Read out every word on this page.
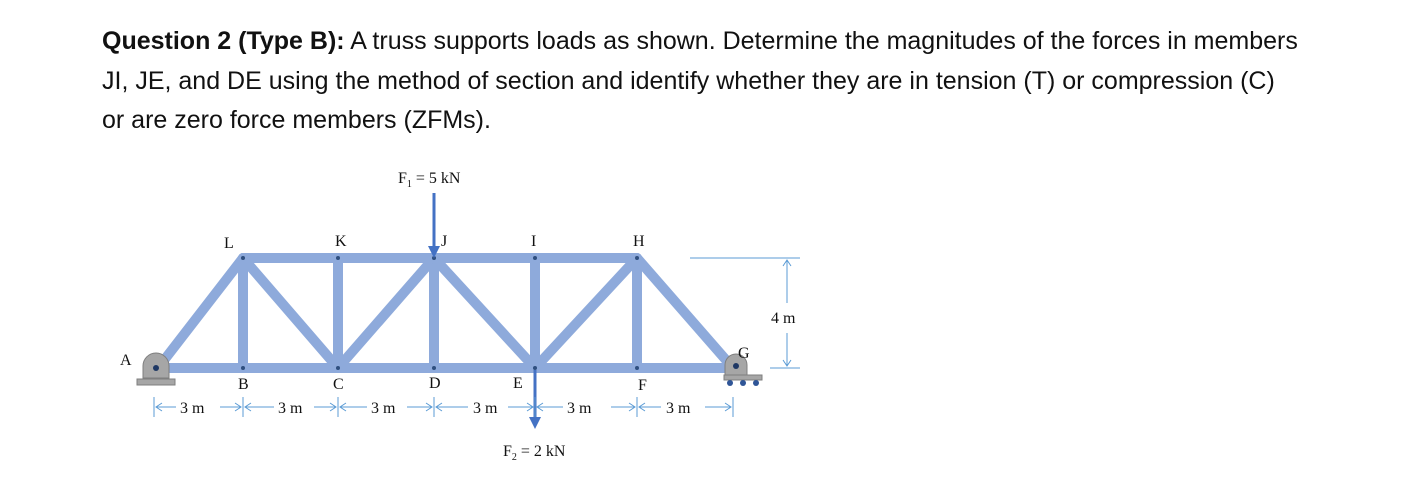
Question 2 (Type B): A truss supports loads as shown. Determine the magnitudes of the forces in members JI, JE, and DE using the method of section and identify whether they are in tension (T) or compression (C) or are zero force members (ZFMs).

$F_1 = 5$ kN
$F_2 = 2$ kN
A
L	K	J	I	H
G
B	C	D	E	F
3 m	3 m	3 m	3 m	3 m	3 m
4 m
